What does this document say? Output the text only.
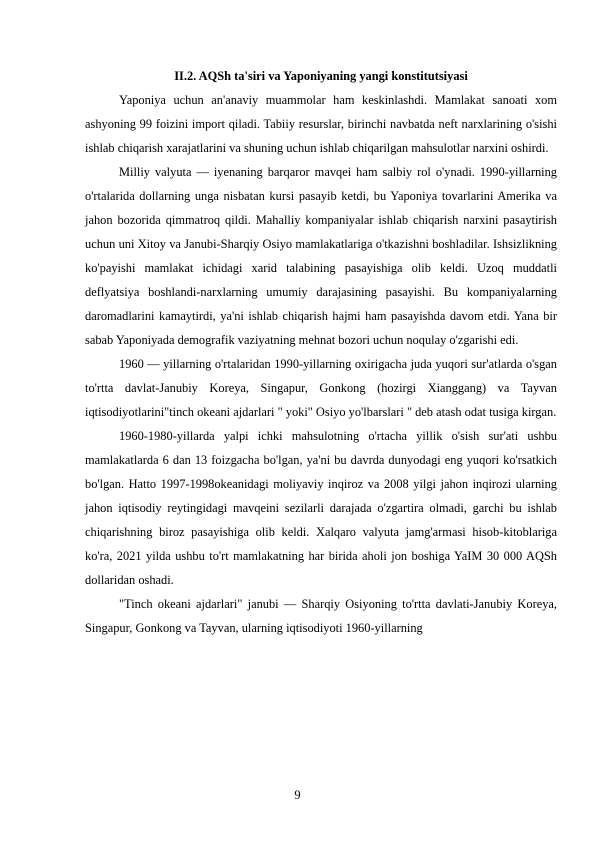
II.2. AQSh ta'siri va Yaponiyaning yangi konstitutsiyasi

Yaponiya uchun an'anaviy muammolar ham keskinlashdi. Mamlakat sanoati xom ashyoning 99 foizini import qiladi. Tabiiy resurslar, birinchi navbatda neft narxlarining o'sishi ishlab chiqarish xarajatlarini va shuning uchun ishlab chiqarilgan mahsulotlar narxini oshirdi.

Milliy valyuta — iyenaning barqaror mavqei ham salbiy rol o'ynadi. 1990-yillarning o'rtalarida dollarning unga nisbatan kursi pasayib ketdi, bu Yaponiya tovarlarini Amerika va jahon bozorida qimmatroq qildi. Mahalliy kompaniyalar ishlab chiqarish narxini pasaytirish uchun uni Xitoy va Janubi-Sharqiy Osiyo mamlakatlariga o'tkazishni boshladilar. Ishsizlikning ko'payishi mamlakat ichidagi xarid talabining pasayishiga olib keldi. Uzoq muddatli deflyatsiya boshlandi-narxlarning umumiy darajasining pasayishi. Bu kompaniyalarning daromadlarini kamaytirdi, ya'ni ishlab chiqarish hajmi ham pasayishda davom etdi. Yana bir sabab Yaponiyada demografik vaziyatning mehnat bozori uchun noqulay o'zgarishi edi.

1960 — yillarning o'rtalaridan 1990-yillarning oxirigacha juda yuqori sur'atlarda o'sgan to'rtta davlat-Janubiy Koreya, Singapur, Gonkong (hozirgi Xianggang) va Tayvan iqtisodiyotlarini"tinch okeani ajdarlari " yoki" Osiyo yo'lbarslari " deb atash odat tusiga kirgan.

1960-1980-yillarda yalpi ichki mahsulotning o'rtacha yillik o'sish sur'ati ushbu mamlakatlarda 6 dan 13 foizgacha bo'lgan, ya'ni bu davrda dunyodagi eng yuqori ko'rsatkich bo'lgan. Hatto 1997-1998okeanidagi moliyaviy inqiroz va 2008 yilgi jahon inqirozi ularning jahon iqtisodiy reytingidagi mavqeini sezilarli darajada o'zgartira olmadi, garchi bu ishlab chiqarishning biroz pasayishiga olib keldi. Xalqaro valyuta jamg'armasi hisob-kitoblariga ko'ra, 2021 yilda ushbu to'rt mamlakatning har birida aholi jon boshiga YaIM 30 000 AQSh dollaridan oshadi.

"Tinch okeani ajdarlari" janubi — Sharqiy Osiyoning to'rtta davlati-Janubiy Koreya, Singapur, Gonkong va Tayvan, ularning iqtisodiyoti 1960-yillarning

9
